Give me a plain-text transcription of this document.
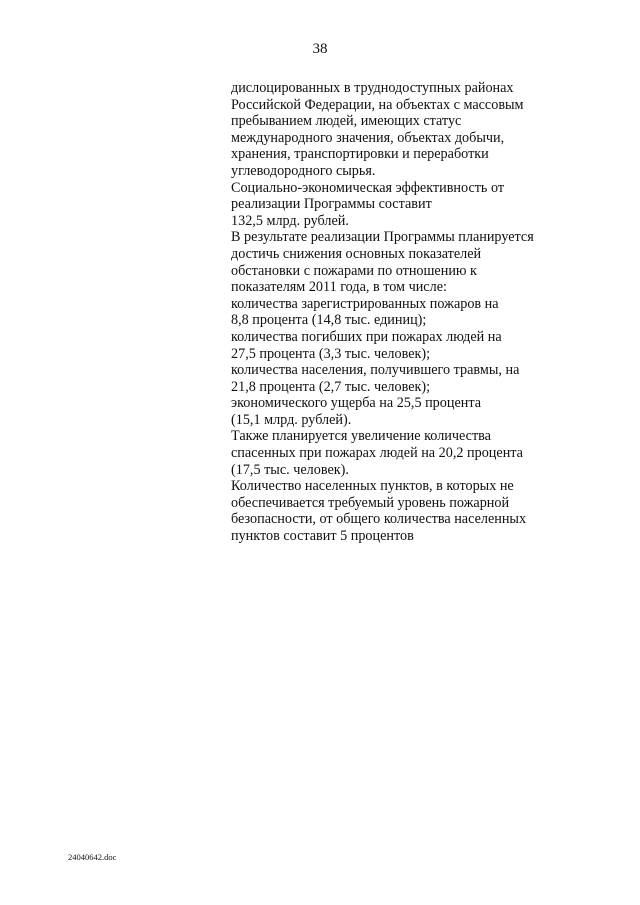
38
дислоцированных в труднодоступных районах
Российской Федерации, на объектах с массовым
пребыванием людей, имеющих статус
международного значения, объектах добычи,
хранения, транспортировки и переработки
углеводородного сырья.
Социально-экономическая эффективность от
реализации Программы составит
132,5 млрд. рублей.
В результате реализации Программы планируется
достичь снижения основных показателей
обстановки с пожарами по отношению к
показателям 2011 года, в том числе:
количества зарегистрированных пожаров на
8,8 процента (14,8 тыс. единиц);
количества погибших при пожарах людей на
27,5 процента (3,3 тыс. человек);
количества населения, получившего травмы, на
21,8 процента (2,7 тыс. человек);
экономического ущерба на 25,5 процента
(15,1 млрд. рублей).
Также планируется увеличение количества
спасенных при пожарах людей на 20,2 процента
(17,5 тыс. человек).
Количество населенных пунктов, в которых не
обеспечивается требуемый уровень пожарной
безопасности, от общего количества населенных
пунктов составит 5 процентов
24040642.doc
